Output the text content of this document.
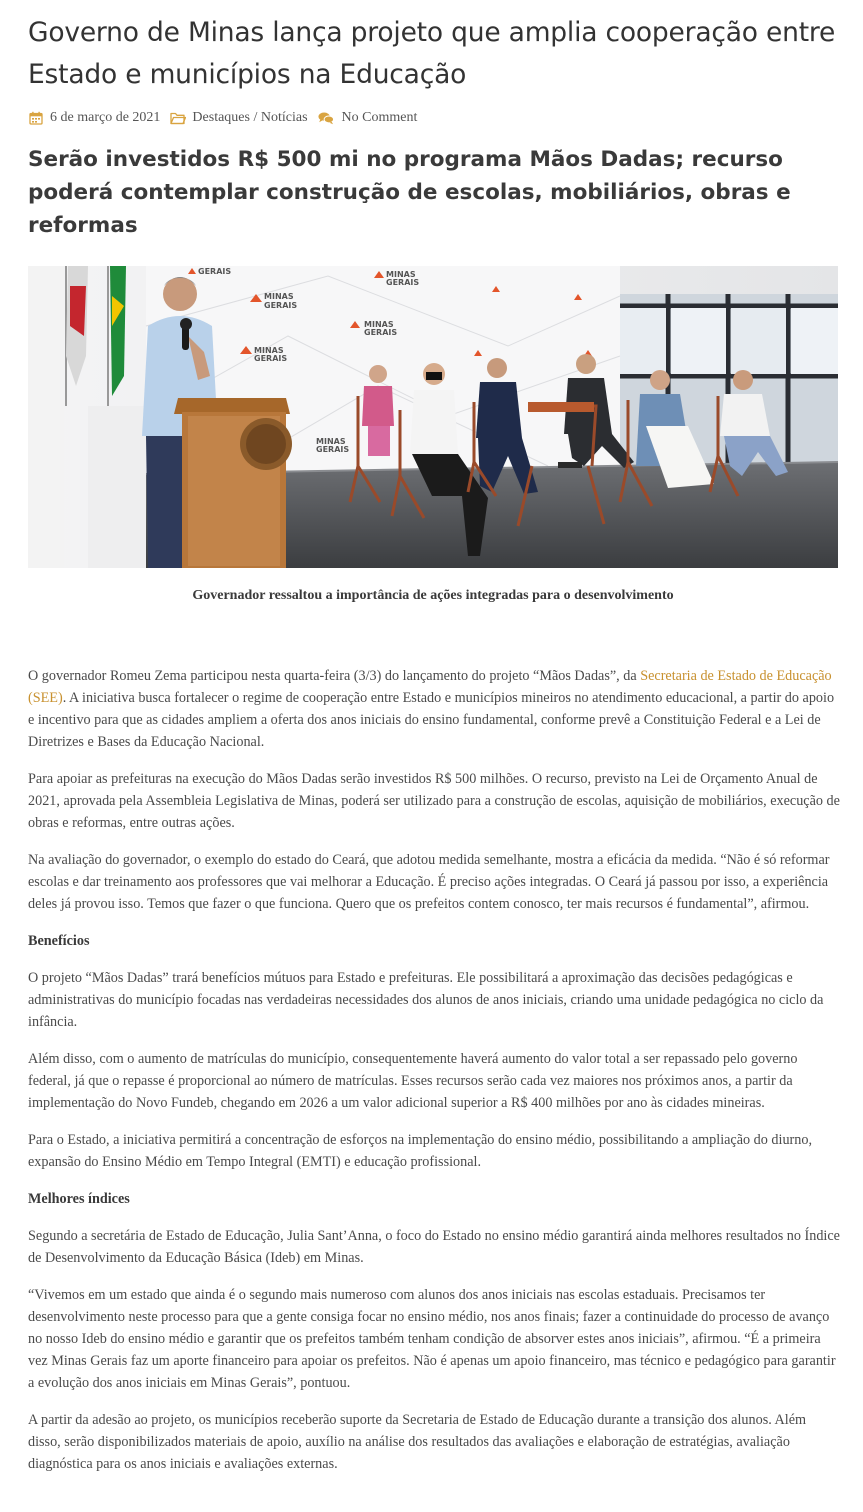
Governo de Minas lança projeto que amplia cooperação entre Estado e municípios na Educação
6 de março de 2021 Destaques / Notícias No Comment
Serão investidos R$ 500 mi no programa Mãos Dadas; recurso poderá contemplar construção de escolas, mobiliários, obras e reformas
MINAS
GERAIS
MINAS
GERAIS
MINAS
GERAIS
MINAS
GERAIS
MINAS
GERAIS
GERAIS

Governador ressaltou a importância de ações integradas para o desenvolvimento

O governador Romeu Zema participou nesta quarta-feira (3/3) do lançamento do projeto “Mãos Dadas”, da Secretaria de Estado de Educação (SEE). A iniciativa busca fortalecer o regime de cooperação entre Estado e municípios mineiros no atendimento educacional, a partir do apoio e incentivo para que as cidades ampliem a oferta dos anos iniciais do ensino fundamental, conforme prevê a Constituição Federal e a Lei de Diretrizes e Bases da Educação Nacional.

Para apoiar as prefeituras na execução do Mãos Dadas serão investidos R$ 500 milhões. O recurso, previsto na Lei de Orçamento Anual de 2021, aprovada pela Assembleia Legislativa de Minas, poderá ser utilizado para a construção de escolas, aquisição de mobiliários, execução de obras e reformas, entre outras ações.

Na avaliação do governador, o exemplo do estado do Ceará, que adotou medida semelhante, mostra a eficácia da medida. “Não é só reformar escolas e dar treinamento aos professores que vai melhorar a Educação. É preciso ações integradas. O Ceará já passou por isso, a experiência deles já provou isso. Temos que fazer o que funciona. Quero que os prefeitos contem conosco, ter mais recursos é fundamental”, afirmou.

Benefícios

O projeto “Mãos Dadas” trará benefícios mútuos para Estado e prefeituras. Ele possibilitará a aproximação das decisões pedagógicas e administrativas do município focadas nas verdadeiras necessidades dos alunos de anos iniciais, criando uma unidade pedagógica no ciclo da infância.

Além disso, com o aumento de matrículas do município, consequentemente haverá aumento do valor total a ser repassado pelo governo federal, já que o repasse é proporcional ao número de matrículas. Esses recursos serão cada vez maiores nos próximos anos, a partir da implementação do Novo Fundeb, chegando em 2026 a um valor adicional superior a R$ 400 milhões por ano às cidades mineiras.

Para o Estado, a iniciativa permitirá a concentração de esforços na implementação do ensino médio, possibilitando a ampliação do diurno, expansão do Ensino Médio em Tempo Integral (EMTI) e educação profissional.

Melhores índices

Segundo a secretária de Estado de Educação, Julia Sant’Anna, o foco do Estado no ensino médio garantirá ainda melhores resultados no Índice de Desenvolvimento da Educação Básica (Ideb) em Minas.

“Vivemos em um estado que ainda é o segundo mais numeroso com alunos dos anos iniciais nas escolas estaduais. Precisamos ter desenvolvimento neste processo para que a gente consiga focar no ensino médio, nos anos finais; fazer a continuidade do processo de avanço no nosso Ideb do ensino médio e garantir que os prefeitos também tenham condição de absorver estes anos iniciais”, afirmou. “É a primeira vez Minas Gerais faz um aporte financeiro para apoiar os prefeitos. Não é apenas um apoio financeiro, mas técnico e pedagógico para garantir a evolução dos anos iniciais em Minas Gerais”, pontuou.

A partir da adesão ao projeto, os municípios receberão suporte da Secretaria de Estado de Educação durante a transição dos alunos. Além disso, serão disponibilizados materiais de apoio, auxílio na análise dos resultados das avaliações e elaboração de estratégias, avaliação diagnóstica para os anos iniciais e avaliações externas.
